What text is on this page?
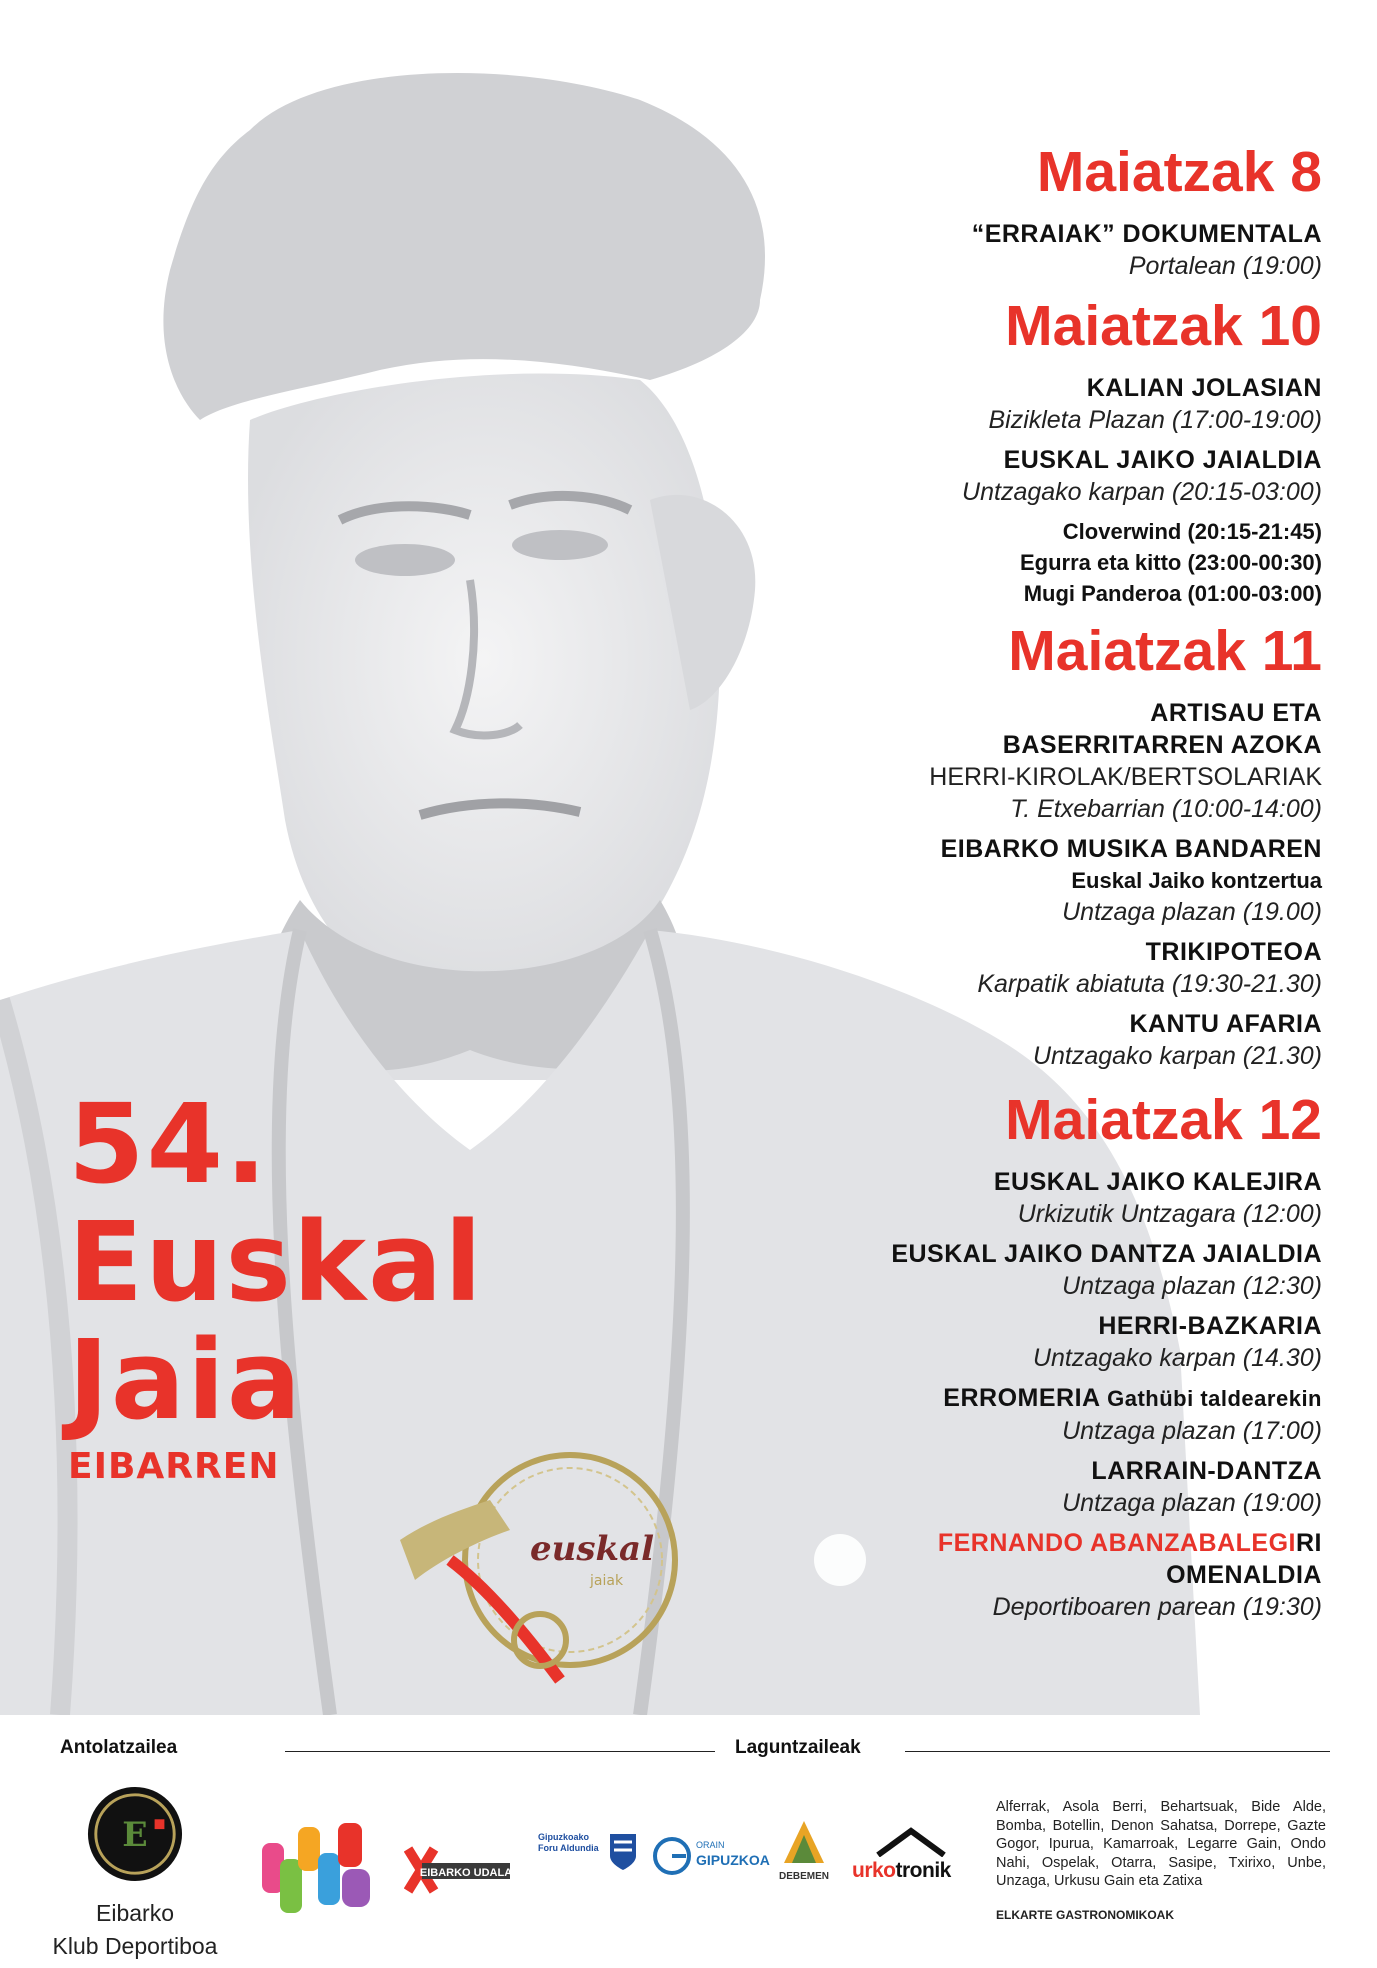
Maiatzak 8
“ERRAIAK” DOKUMENTALA
Portalean (19:00)
Maiatzak 10
KALIAN JOLASIAN
Bizikleta Plazan (17:00-19:00)
EUSKAL JAIKO JAIALDIA
Untzagako karpan (20:15-03:00)
Cloverwind (20:15-21:45)
Egurra eta kitto (23:00-00:30)
Mugi Panderoa (01:00-03:00)
Maiatzak 11
ARTISAU ETA
BASERRITARREN AZOKA
HERRI-KIROLAK/BERTSOLARIAK
T. Etxebarrian (10:00-14:00)
EIBARKO MUSIKA BANDAREN
Euskal Jaiko kontzertua
Untzaga plazan (19.00)
TRIKIPOTEOA
Karpatik abiatuta (19:30-21.30)
KANTU AFARIA
Untzagako karpan (21.30)
Maiatzak 12
EUSKAL JAIKO KALEJIRA
Urkizutik Untzagara (12:00)
EUSKAL JAIKO DANTZA JAIALDIA
Untzaga plazan (12:30)
HERRI-BAZKARIA
Untzagako karpan (14.30)
ERROMERIA Gathübi taldearekin
Untzaga plazan (17:00)
LARRAIN-DANTZA
Untzaga plazan (19:00)
FERNANDO ABANZABALEGIRI
OMENALDIA
Deportiboaren parean (19:30)
54.
Euskal
Jaia
EIBARREN
euskal
jaiak
Antolatzailea	Laguntzaileak
E
Eibarko
Klub Deportiboa
EIBARKO UDALA
Gipuzkoako
Foru Aldundia	ORAIN
GIPUZKOA
DEBEMEN urkotronik
Alferrak, Asola Berri, Behartsuak, Bide Alde, Bomba, Botellin, Denon Sahatsa, Dorrepe, Gazte Gogor, Ipurua, Kamarroak, Legarre Gain, Ondo Nahi, Ospelak, Otarra, Sasipe, Txirixo, Unbe, Unzaga, Urkusu Gain eta Zatixa
ELKARTE GASTRONOMIKOAK
